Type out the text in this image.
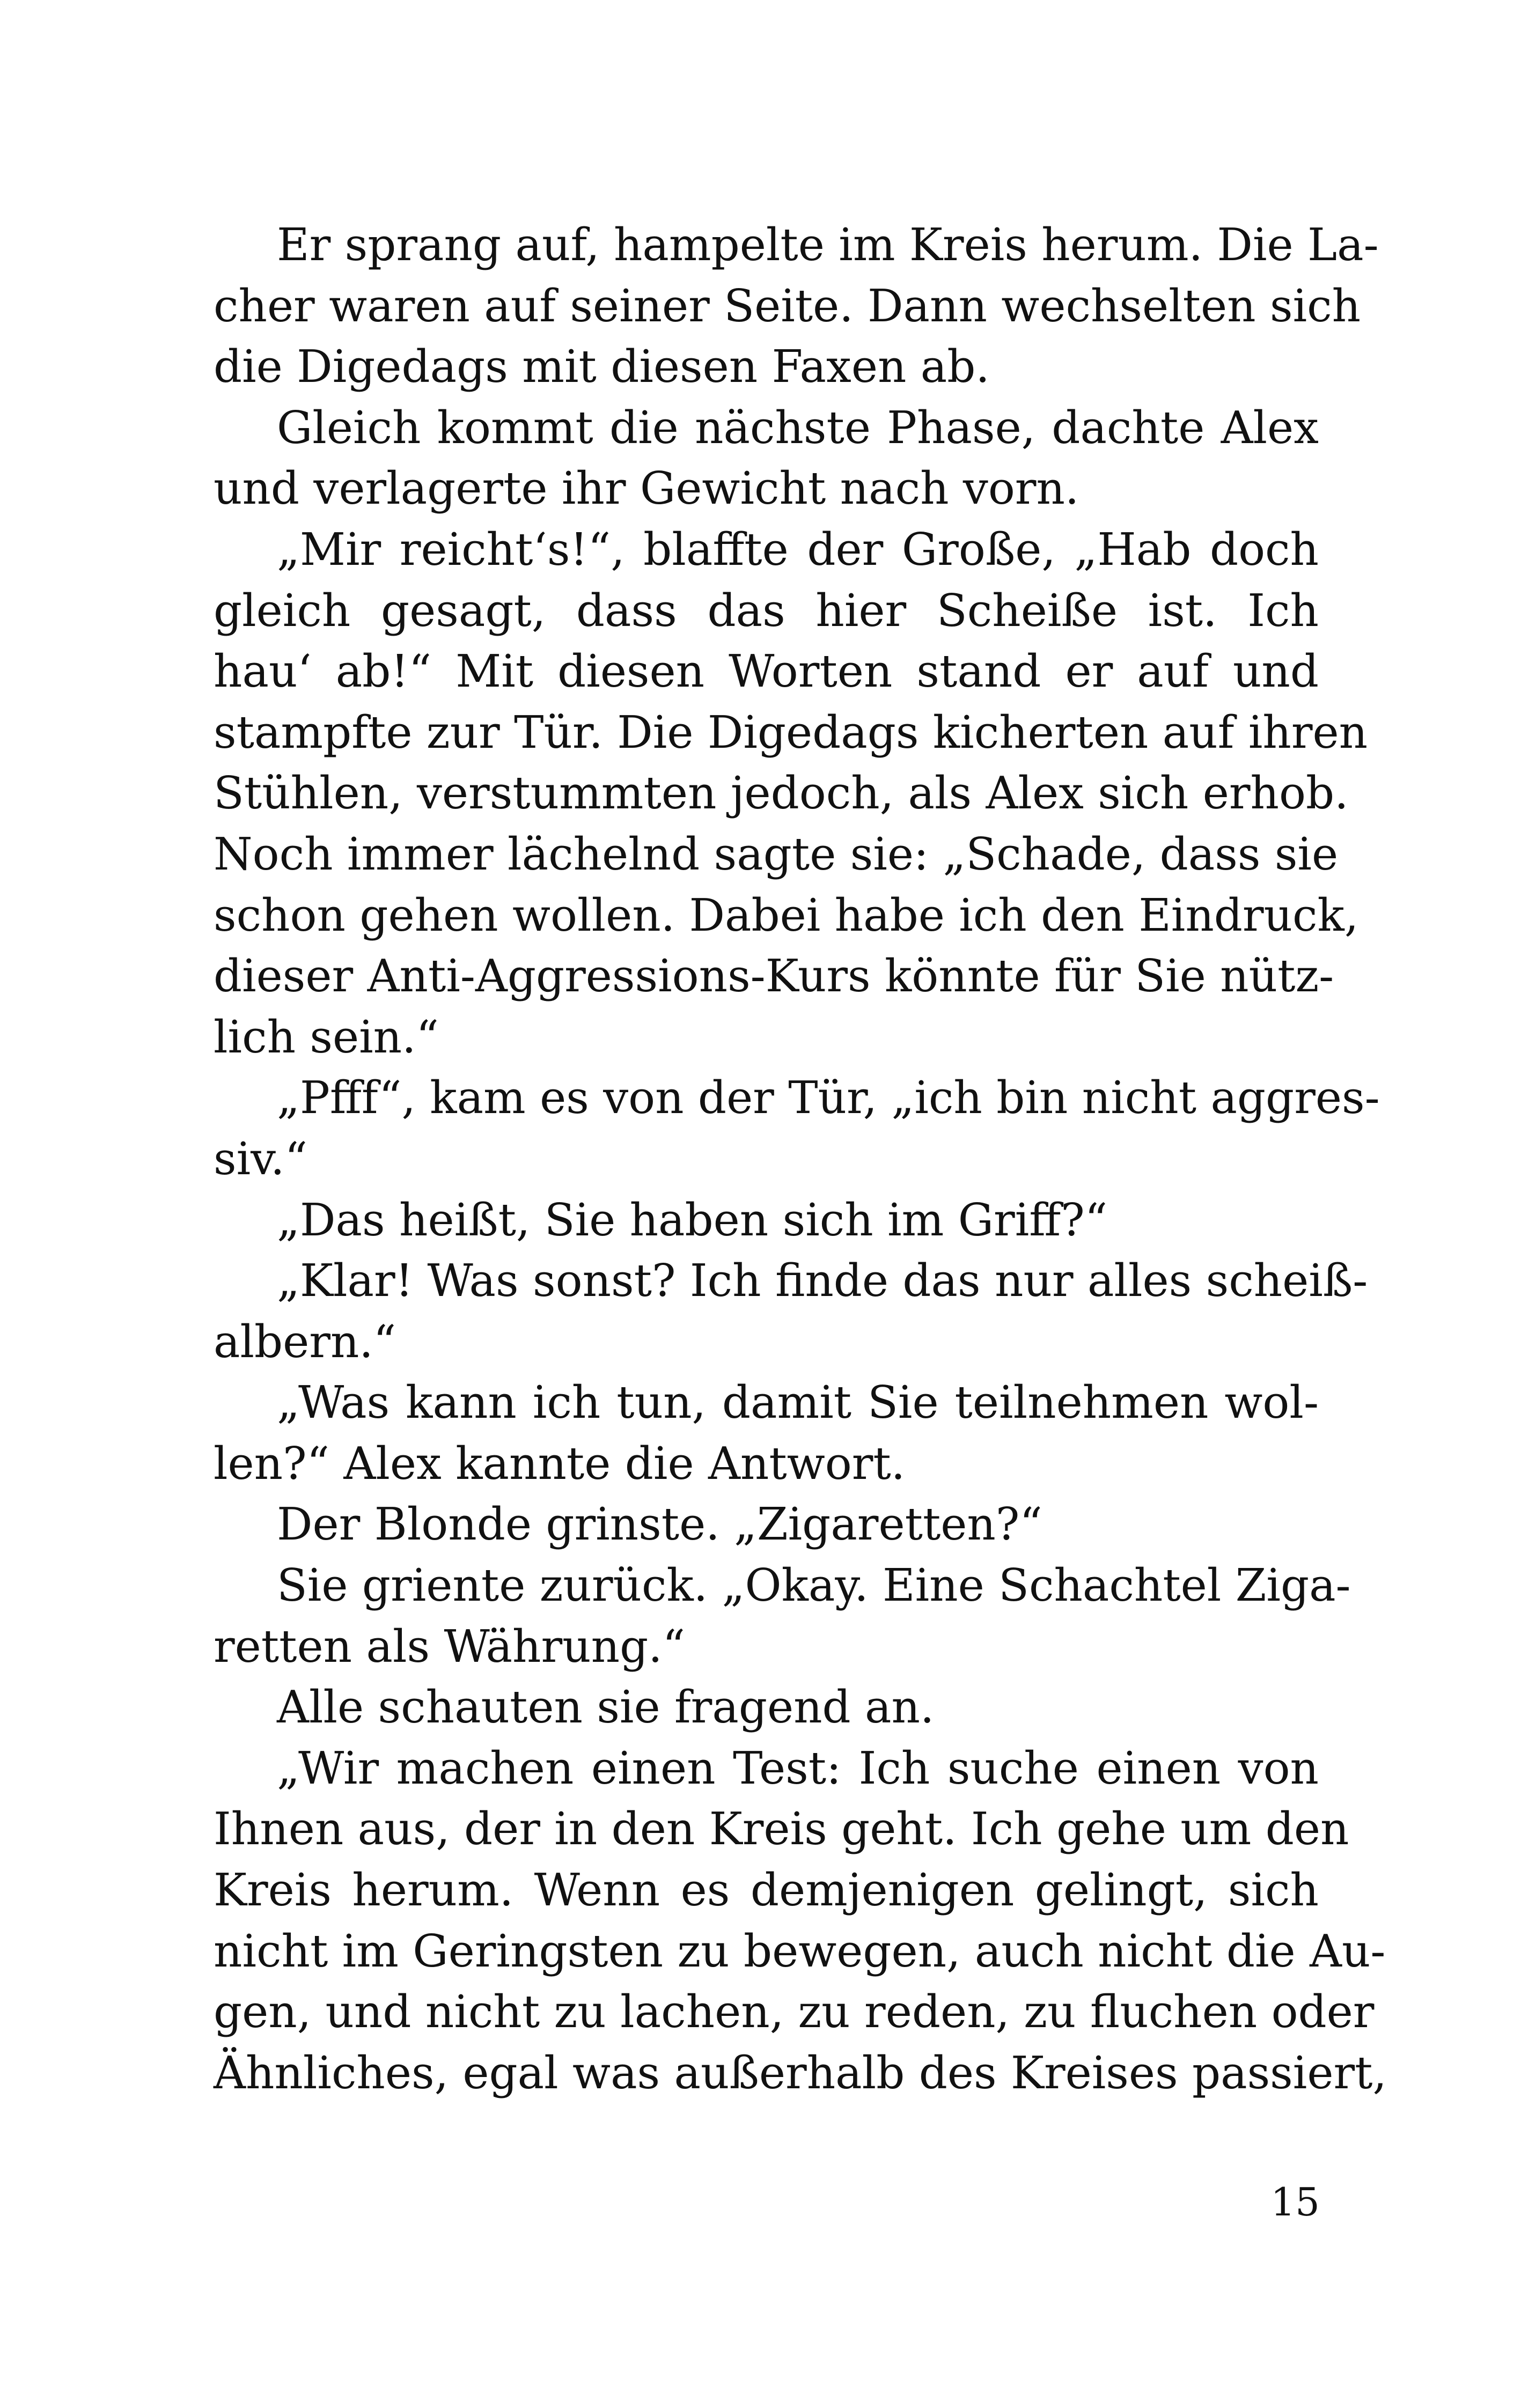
Er sprang auf, hampelte im Kreis herum. Die La-
cher waren auf seiner Seite. Dann wechselten sich
die Digedags mit diesen Faxen ab.
Gleich kommt die nächste Phase, dachte Alex
und verlagerte ihr Gewicht nach vorn.
„Mir reicht‘s!“, blaffte der Große, „Hab doch
gleich gesagt, dass das hier Scheiße ist. Ich
hau‘ ab!“ Mit diesen Worten stand er auf und
stampfte zur Tür. Die Digedags kicherten auf ihren
Stühlen, verstummten jedoch, als Alex sich erhob.
Noch immer lächelnd sagte sie: „Schade, dass sie
schon gehen wollen. Dabei habe ich den Eindruck,
dieser Anti-Aggressions-Kurs könnte für Sie nütz-
lich sein.“
„Pfff“, kam es von der Tür, „ich bin nicht aggres-
siv.“
„Das heißt, Sie haben sich im Griff?“
„Klar! Was sonst? Ich finde das nur alles scheiß-
albern.“
„Was kann ich tun, damit Sie teilnehmen wol-
len?“ Alex kannte die Antwort.
Der Blonde grinste. „Zigaretten?“
Sie griente zurück. „Okay. Eine Schachtel Ziga-
retten als Währung.“
Alle schauten sie fragend an.
„Wir machen einen Test: Ich suche einen von
Ihnen aus, der in den Kreis geht. Ich gehe um den
Kreis herum. Wenn es demjenigen gelingt, sich
nicht im Geringsten zu bewegen, auch nicht die Au-
gen, und nicht zu lachen, zu reden, zu fluchen oder
Ähnliches, egal was außerhalb des Kreises passiert,
15
